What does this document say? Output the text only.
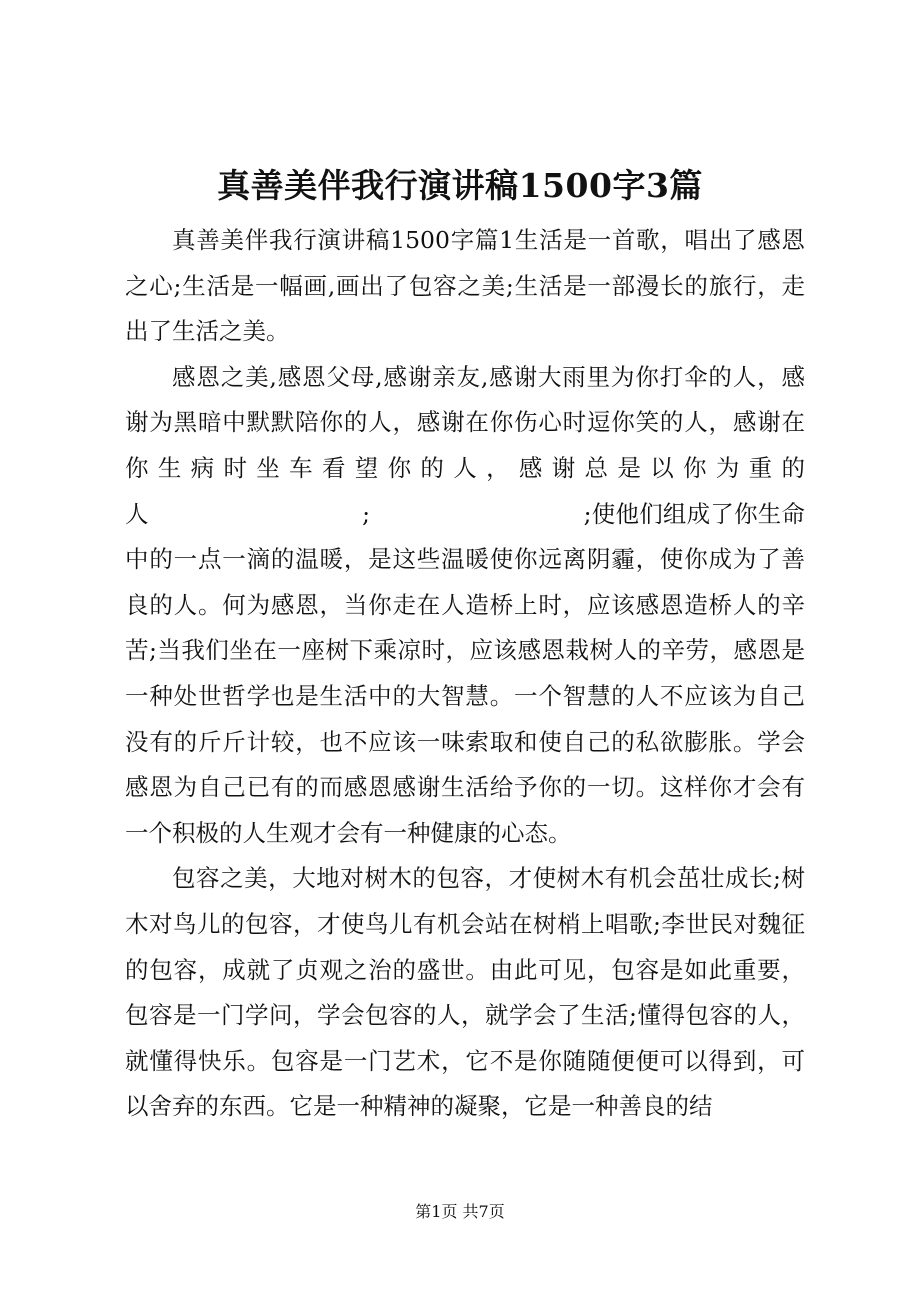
真善美伴我行演讲稿1500字3篇

真善美伴我行演讲稿1500字篇1生活是一首歌，唱出了感恩之心;生活是一幅画,画出了包容之美;生活是一部漫长的旅行，走出了生活之美。

感恩之美,感恩父母,感谢亲友,感谢大雨里为你打伞的人，感谢为黑暗中默默陪你的人，感谢在你伤心时逗你笑的人，感谢在你生病时坐车看望你的人，感谢总是以你为重的人　　　　　　　　　;　　　　　　　　　;使他们组成了你生命中的一点一滴的温暖，是这些温暖使你远离阴霾，使你成为了善良的人。何为感恩，当你走在人造桥上时，应该感恩造桥人的辛苦;当我们坐在一座树下乘凉时，应该感恩栽树人的辛劳，感恩是一种处世哲学也是生活中的大智慧。一个智慧的人不应该为自己没有的斤斤计较，也不应该一味索取和使自己的私欲膨胀。学会感恩为自己已有的而感恩感谢生活给予你的一切。这样你才会有一个积极的人生观才会有一种健康的心态。

包容之美，大地对树木的包容，才使树木有机会茁壮成长;树木对鸟儿的包容，才使鸟儿有机会站在树梢上唱歌;李世民对魏征的包容，成就了贞观之治的盛世。由此可见，包容是如此重要，包容是一门学问，学会包容的人，就学会了生活;懂得包容的人，就懂得快乐。包容是一门艺术，它不是你随随便便可以得到，可以舍弃的东西。它是一种精神的凝聚，它是一种善良的结

第1页 共7页
